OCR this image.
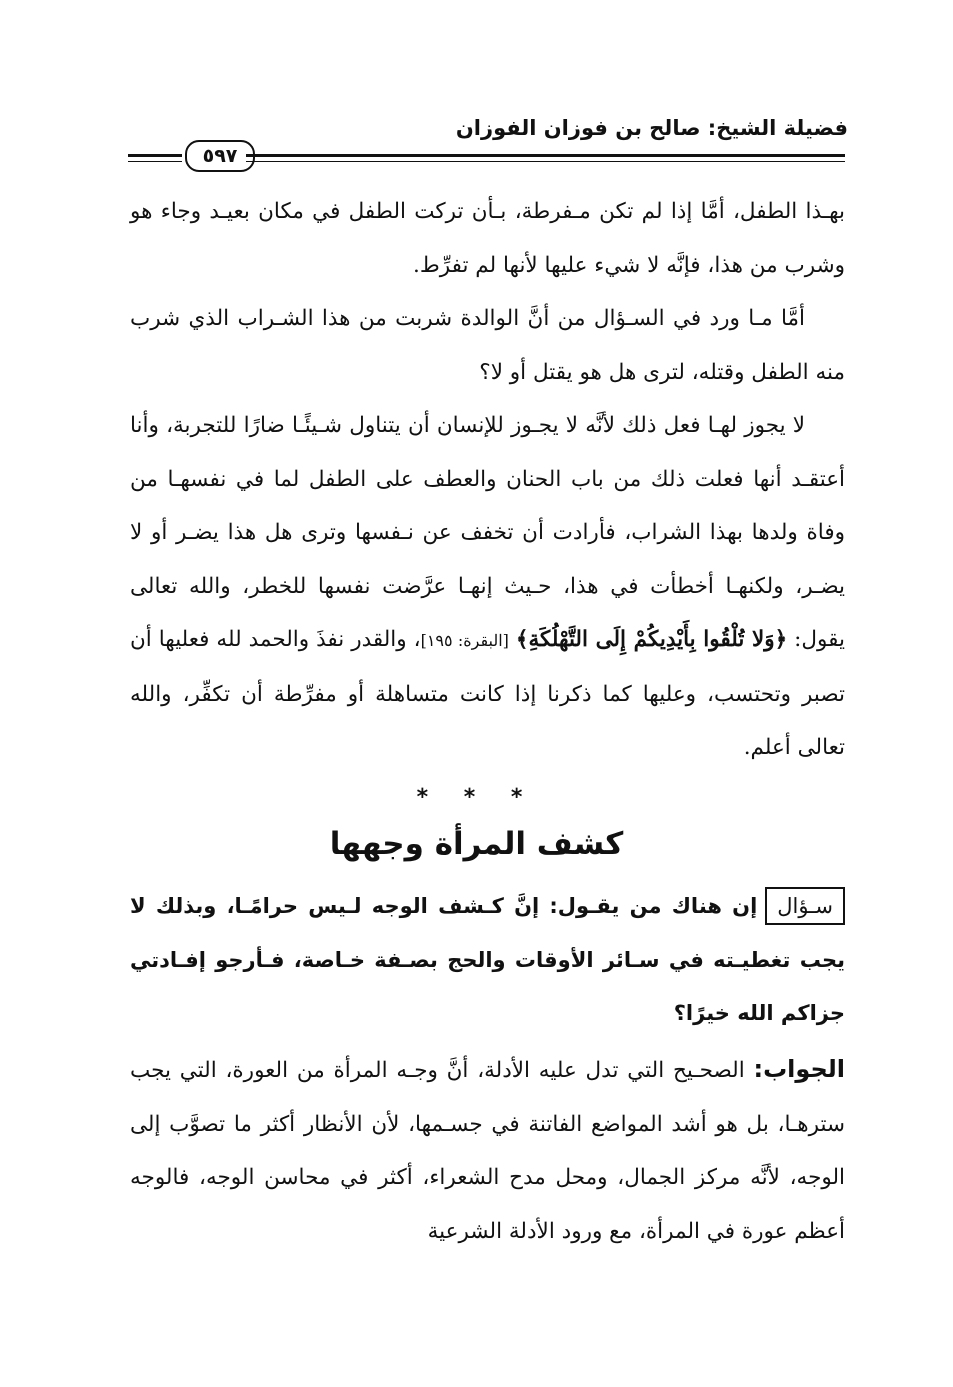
فضيلة الشيخ: صالح بن فوزان الفوزان
٥٩٧

بهـذا الطفل، أمَّا إذا لم تكن مـفرطة، بـأن تركت الطفل في مكان بعيـد وجاء هو وشرب من هذا، فإنَّه لا شيء عليها لأنها لم تفرِّط.

أمَّا مـا ورد في السـؤال من أنَّ الوالدة شربت من هذا الشـراب الذي شرب منه الطفل وقتله، لترى هل هو يقتل أو لا؟

لا يجوز لهـا فعل ذلك لأنَّه لا يجـوز للإنسان أن يتناول شـيئًـا ضارًا للتجربة، وأنا أعتقـد أنها فعلت ذلك من باب الحنان والعطف على الطفل لما في نفسهـا من وفاة ولدها بهذا الشراب، فأرادت أن تخفف عن نـفسها وترى هل هذا يضـر أو لا يضـر، ولكنهـا أخطأت في هذا، حـيث إنهـا عرَّضت نفسها للخطر، والله تعالى يقول: ﴿وَلا تُلْقُوا بِأَيْدِيكُمْ إِلَى التَّهْلُكَةِ﴾ [البقرة: ١٩٥]، والقدر نفذَ والحمد لله فعليها أن تصبر وتحتسب، وعليها كما ذكرنا إذا كانت متساهلة أو مفرِّطة أن تكفِّر، والله تعالى أعلم.

* * *
كشف المرأة وجهها
سـؤالإن هناك من يقـول: إنَّ كـشف الوجه لـيس حرامًـا، وبذلك لا يجب تغطيـته في سـائر الأوقات والحج بصـفة خـاصة، فـأرجو إفـادتي جزاكم الله خيرًا؟
الجواب: الصحـيح التي تدل عليه الأدلة، أنَّ وجـه المرأة من العورة، التي يجب سترهـا، بل هو أشد المواضع الفاتنة في جسـمها، لأن الأنظار أكثر ما تصوَّب إلى الوجه، لأنَّه مركز الجمال، ومحل مدح الشعراء، أكثر في محاسن الوجه، فالوجه أعظم عورة في المرأة، مع ورود الأدلة الشرعية
